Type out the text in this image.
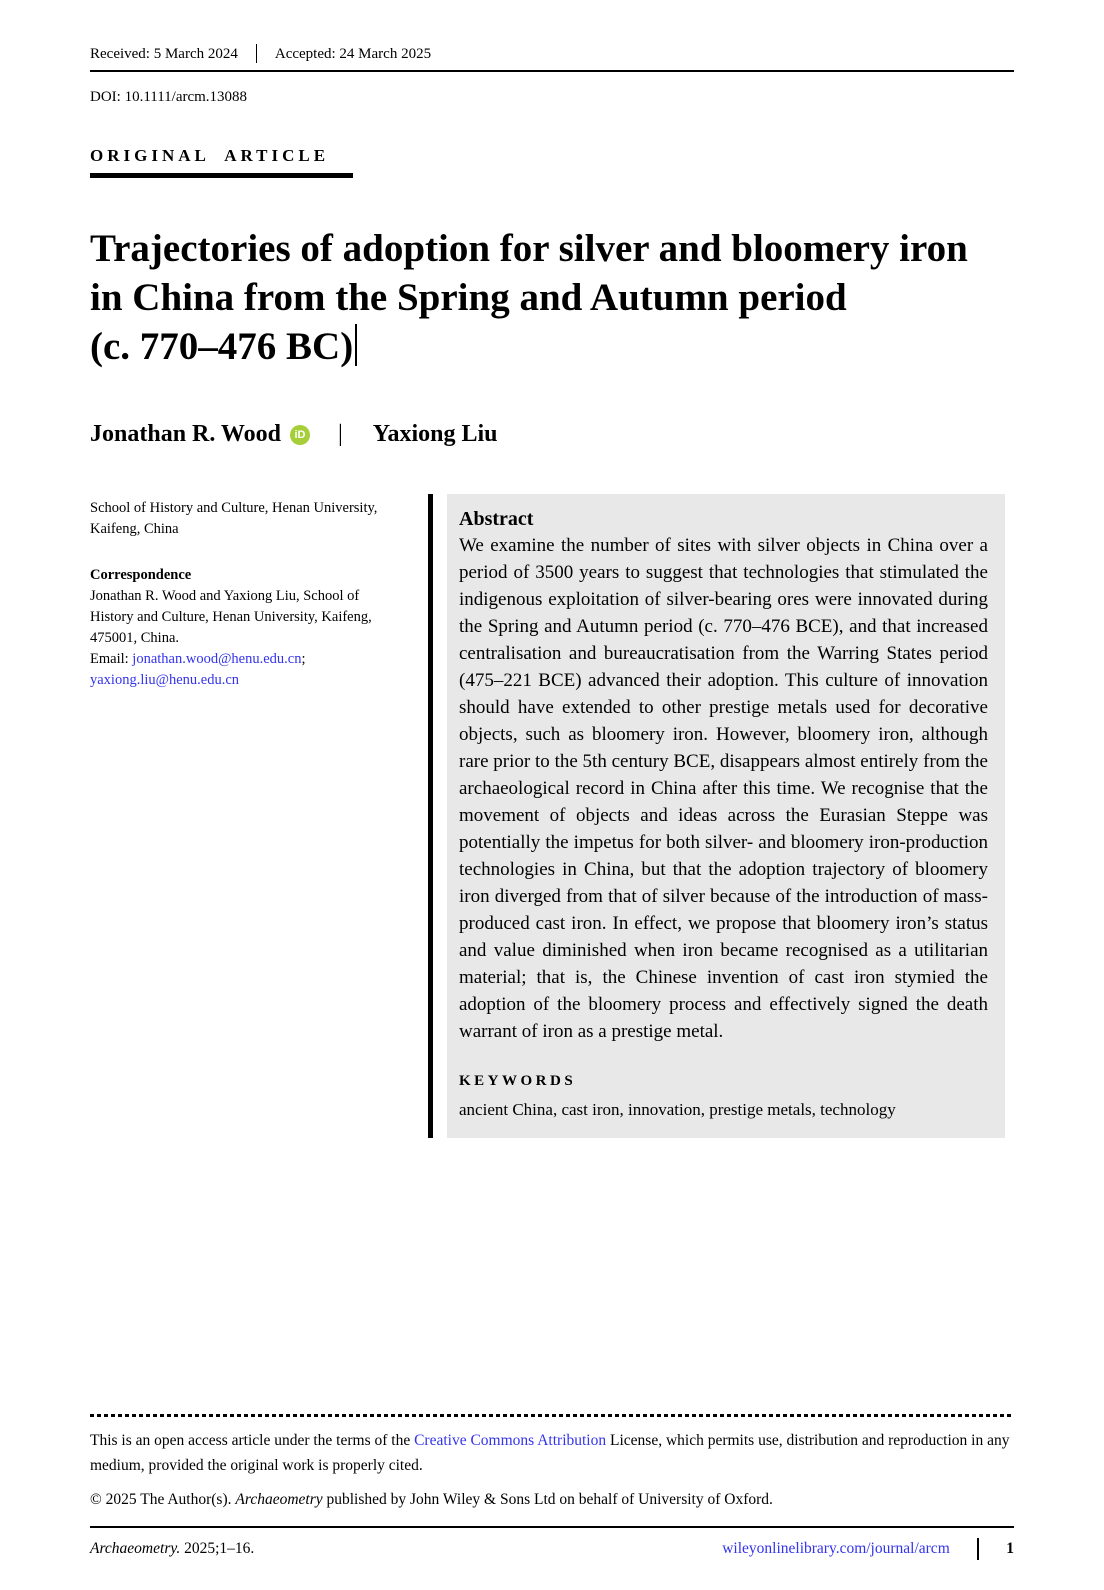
Received: 5 March 2024 Accepted: 24 March 2025
DOI: 10.1111/arcm.13088
ORIGINAL ARTICLE
Trajectories of adoption for silver and bloomery iron
in China from the Spring and Autumn period
(c. 770–476 BC)
Jonathan R. Wood	iD | Yaxiong Liu

School of History and Culture, Henan University, Kaifeng, China

Correspondence

Jonathan R. Wood and Yaxiong Liu, School of History and Culture, Henan University, Kaifeng, 475001, China.

Email: jonathan.wood@henu.edu.cn;
yaxiong.liu@henu.edu.cn

Abstract

We examine the number of sites with silver objects in China over a period of 3500 years to suggest that technologies that stimulated the indigenous exploitation of silver-bearing ores were innovated during the Spring and Autumn period (c. 770–476 BCE), and that increased centralisation and bureaucratisation from the Warring States period (475–221 BCE) advanced their adoption. This culture of innovation should have extended to other prestige metals used for decorative objects, such as bloomery iron. However, bloomery iron, although rare prior to the 5th century BCE, disappears almost entirely from the archaeological record in China after this time. We recognise that the movement of objects and ideas across the Eurasian Steppe was potentially the impetus for both silver- and bloomery iron-production technologies in China, but that the adoption trajectory of bloomery iron diverged from that of silver because of the introduction of mass-produced cast iron. In effect, we propose that bloomery iron’s status and value diminished when iron became recognised as a utilitarian material; that is, the Chinese invention of cast iron stymied the adoption of the bloomery process and effectively signed the death warrant of iron as a prestige metal.

KEYWORDS

ancient China, cast iron, innovation, prestige metals, technology

This is an open access article under the terms of the Creative Commons Attribution License, which permits use, distribution and reproduction in any medium, provided the original work is properly cited.

© 2025 The Author(s). Archaeometry published by John Wiley & Sons Ltd on behalf of University of Oxford.

Archaeometry. 2025;1–16.	wileyonlinelibrary.com/journal/arcm	1
